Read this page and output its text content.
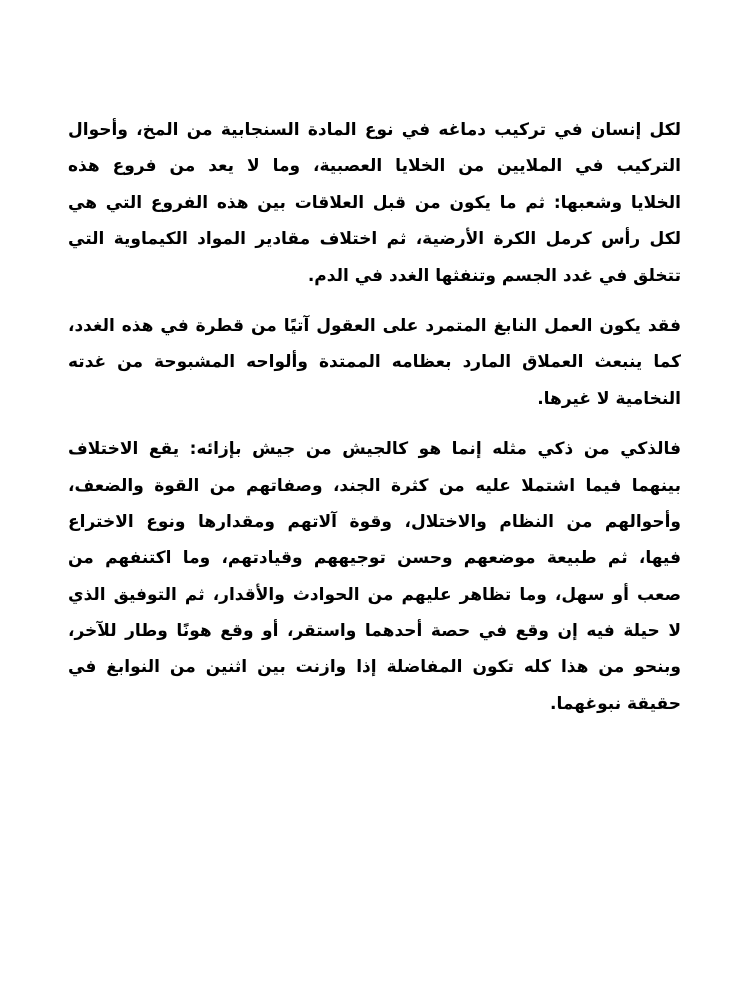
لكل إنسان في تركيب دماغه في نوع المادة السنجابية من المخ، وأحوال
التركيب في الملايين من الخلايا العصبية، وما لا يعد من فروع هذه
الخلايا وشعبها: ثم ما يكون من قبل العلاقات بين هذه الفروع التي هي
لكل رأس كرمل الكرة الأرضية، ثم اختلاف مقادير المواد الكيماوية التي
تتخلق في غدد الجسم وتنفثها الغدد في الدم.
فقد يكون العمل النابغ المتمرد على العقول آتيًا من قطرة في هذه الغدد،
كما ينبعث العملاق المارد بعظامه الممتدة وألواحه المشبوحة من غدته
النخامية لا غيرها.
فالذكي من ذكي مثله إنما هو كالجيش من جيش بإزائه: يقع الاختلاف
بينهما فيما اشتملا عليه من كثرة الجند، وصفاتهم من القوة والضعف،
وأحوالهم من النظام والاختلال، وقوة آلاتهم ومقدارها ونوع الاختراع
فيها، ثم طبيعة موضعهم وحسن توجيههم وقيادتهم، وما اكتنفهم من
صعب أو سهل، وما تظاهر عليهم من الحوادث والأقدار، ثم التوفيق الذي
لا حيلة فيه إن وقع في حصة أحدهما واستقر، أو وقع هونًا وطار للآخر،
وبنحو من هذا كله تكون المفاضلة إذا وازنت بين اثنين من النوابغ في
حقيقة نبوغهما.
